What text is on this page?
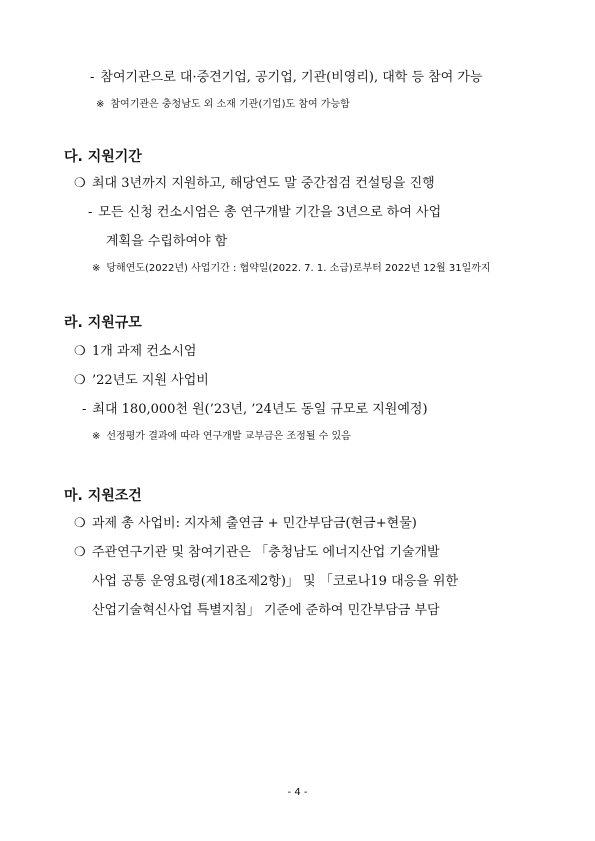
- 참여기관으로 대·중견기업, 공기업, 기관(비영리), 대학 등 참여 가능
※ 참여기관은 충청남도 외 소재 기관(기업)도 참여 가능함
다. 지원기간
❍ 최대 3년까지 지원하고, 해당연도 말 중간점검 컨설팅을 진행
- 모든 신청 컨소시엄은 총 연구개발 기간을 3년으로 하여 사업
계획을 수립하여야 함
※ 당해연도(2022년) 사업기간 : 협약일(2022. 7. 1. 소급)로부터 2022년 12월 31일까지
라. 지원규모
❍ 1개 과제 컨소시엄
❍ ’22년도 지원 사업비
- 최대 180,000천 원(’23년, ’24년도 동일 규모로 지원예정)
※ 선정평가 결과에 따라 연구개발 교부금은 조정될 수 있음
마. 지원조건
❍ 과제 총 사업비: 지자체 출연금 + 민간부담금(현금+현물)
❍ 주관연구기관 및 참여기관은 「충청남도 에너지산업 기술개발
사업 공통 운영요령(제18조제2항)」 및 「코로나19 대응을 위한
산업기술혁신사업 특별지침」 기준에 준하여 민간부담금 부담
- 4 -
